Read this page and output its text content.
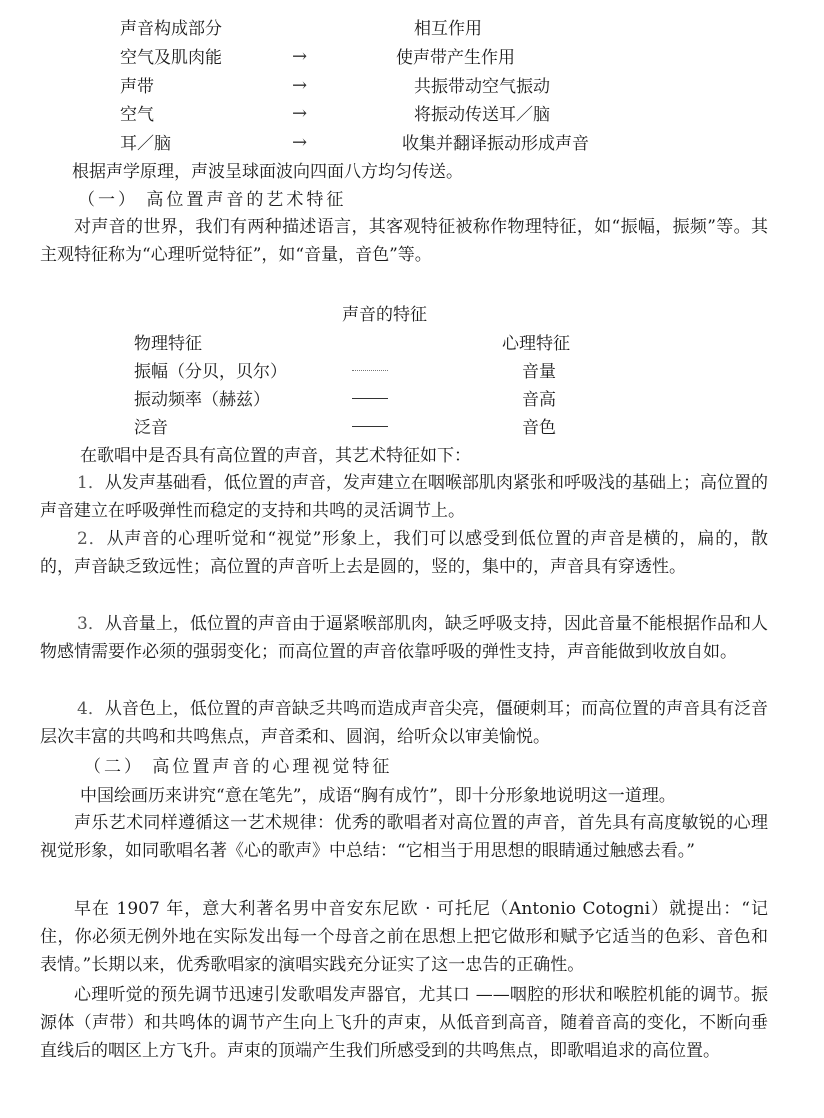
声音构成部分	相互作用
空气及肌肉能	→	使声带产生作用
声带	→	共振带动空气振动
空气	→	将振动传送耳／脑
耳／脑	→	收集并翻译振动形成声音
根据声学原理，声波呈球面波向四面八方均匀传送。
（一） 高位置声音的艺术特征
对声音的世界，我们有两种描述语言，其客观特征被称作物理特征，如“振幅，振频”等。其主观特征称为“心理听觉特征”，如“音量，音色”等。
声音的特征
物理特征	心理特征
振幅（分贝，贝尔）	音量
振动频率（赫兹）	音高
泛音	音色
在歌唱中是否具有高位置的声音，其艺术特征如下：
1．从发声基础看，低位置的声音，发声建立在咽喉部肌肉紧张和呼吸浅的基础上；高位置的声音建立在呼吸弹性而稳定的支持和共鸣的灵活调节上。
2．从声音的心理听觉和“视觉”形象上，我们可以感受到低位置的声音是横的，扁的，散的，声音缺乏致远性；高位置的声音听上去是圆的，竖的，集中的，声音具有穿透性。
3．从音量上，低位置的声音由于逼紧喉部肌肉，缺乏呼吸支持，因此音量不能根据作品和人物感情需要作必须的强弱变化；而高位置的声音依靠呼吸的弹性支持，声音能做到收放自如。
4．从音色上，低位置的声音缺乏共鸣而造成声音尖亮，僵硬刺耳；而高位置的声音具有泛音层次丰富的共鸣和共鸣焦点，声音柔和、圆润，给听众以审美愉悦。
（二） 高位置声音的心理视觉特征
中国绘画历来讲究“意在笔先”，成语“胸有成竹”，即十分形象地说明这一道理。
声乐艺术同样遵循这一艺术规律：优秀的歌唱者对高位置的声音，首先具有高度敏锐的心理视觉形象，如同歌唱名著《心的歌声》中总结：“它相当于用思想的眼睛通过触感去看。”
早在 1907 年，意大利著名男中音安东尼欧 · 可托尼（Antonio Cotogni）就提出：“记住，你必须无例外地在实际发出每一个母音之前在思想上把它做形和赋予它适当的色彩、音色和表情。”长期以来，优秀歌唱家的演唱实践充分证实了这一忠告的正确性。
心理听觉的预先调节迅速引发歌唱发声器官，尤其口 ——咽腔的形状和喉腔机能的调节。振源体（声带）和共鸣体的调节产生向上飞升的声束，从低音到高音，随着音高的变化，不断向垂直线后的咽区上方飞升。声束的顶端产生我们所感受到的共鸣焦点，即歌唱追求的高位置。
